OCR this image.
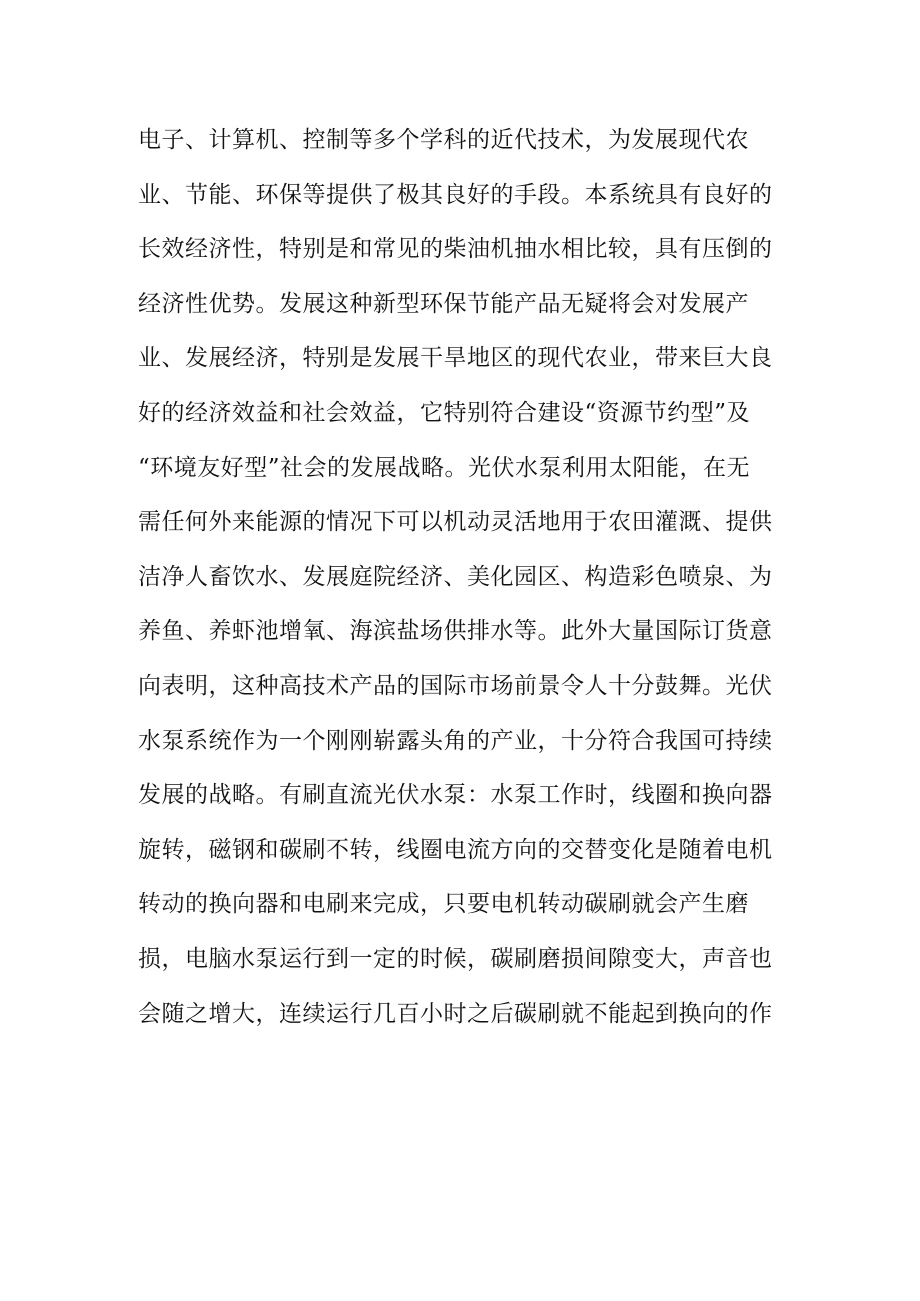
电子、计算机、控制等多个学科的近代技术，为发展现代农
业、节能、环保等提供了极其良好的手段。本系统具有良好的
长效经济性，特别是和常见的柴油机抽水相比较，具有压倒的
经济性优势。发展这种新型环保节能产品无疑将会对发展产
业、发展经济，特别是发展干旱地区的现代农业，带来巨大良
好的经济效益和社会效益，它特别符合建设“资源节约型”及
“环境友好型”社会的发展战略。光伏水泵利用太阳能，在无
需任何外来能源的情况下可以机动灵活地用于农田灌溉、提供
洁净人畜饮水、发展庭院经济、美化园区、构造彩色喷泉、为
养鱼、养虾池增氧、海滨盐场供排水等。此外大量国际订货意
向表明，这种高技术产品的国际市场前景令人十分鼓舞。光伏
水泵系统作为一个刚刚崭露头角的产业，十分符合我国可持续
发展的战略。有刷直流光伏水泵：水泵工作时，线圈和换向器
旋转，磁钢和碳刷不转，线圈电流方向的交替变化是随着电机
转动的换向器和电刷来完成，只要电机转动碳刷就会产生磨
损，电脑水泵运行到一定的时候，碳刷磨损间隙变大，声音也
会随之增大，连续运行几百小时之后碳刷就不能起到换向的作
